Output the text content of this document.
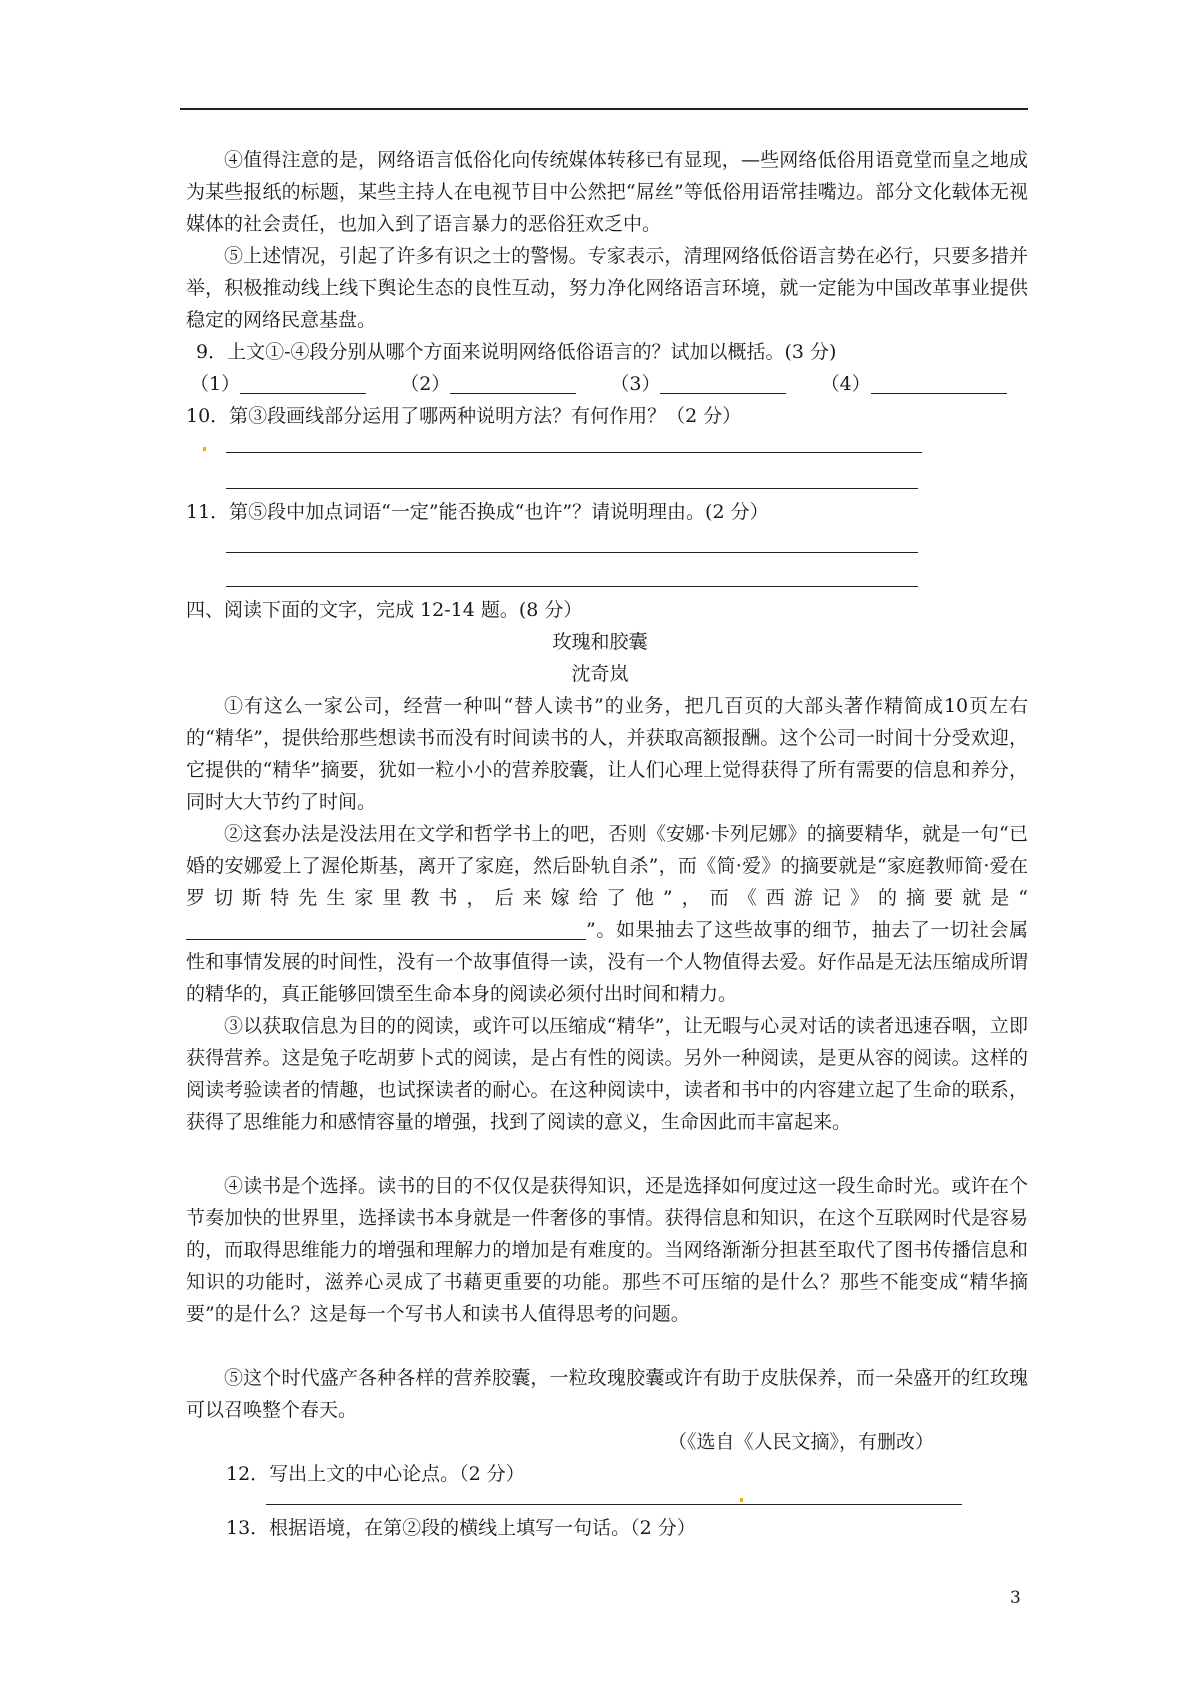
④值得注意的是，网络语言低俗化向传统媒体转移已有显现，—些网络低俗用语竟堂而皇之地成为某些报纸的标题，某些主持人在电视节目中公然把“屌丝”等低俗用语常挂嘴边。部分文化载体无视媒体的社会责任，也加入到了语言暴力的恶俗狂欢乏中。
⑤上述情况，引起了许多有识之士的警惕。专家表示，清理网络低俗语言势在必行，只要多措并举，积极推动线上线下舆论生态的良性互动，努力净化网络语言环境，就一定能为中国改革事业提供稳定的网络民意基盘。
9．上文①-④段分别从哪个方面来说明网络低俗语言的？试加以概括。(3 分)
（1）	（2）	（3）	（4）
10．第③段画线部分运用了哪两种说明方法？有何作用？（2 分）
11．第⑤段中加点词语“一定”能否换成“也许”？请说明理由。(2 分）
四、阅读下面的文字，完成 12-14 题。(8 分）
玫瑰和胶囊
沈奇岚
①有这么一家公司，经营一种叫“替人读书”的业务，把几百页的大部头著作精简成10页左右的“精华”，提供给那些想读书而没有时间读书的人，并获取高额报酬。这个公司一时间十分受欢迎，它提供的“精华”摘要，犹如一粒小小的营养胶囊，让人们心理上觉得获得了所有需要的信息和养分，同时大大节约了时间。
②这套办法是没法用在文学和哲学书上的吧，否则《安娜·卡列尼娜》的摘要精华，就是一句“已婚的安娜爱上了渥伦斯基，离开了家庭，然后卧轨自杀”，而《简·爱》的摘要就是“家庭教师简·爱在罗切斯特先生家里教书，后来嫁给了他”，而《西游记》的摘要就是“”。如果抽去了这些故事的细节，抽去了一切社会属性和事情发展的时间性，没有一个故事值得一读，没有一个人物值得去爱。好作品是无法压缩成所谓的精华的，真正能够回馈至生命本身的阅读必须付出时间和精力。
③以获取信息为目的的阅读，或许可以压缩成“精华”，让无暇与心灵对话的读者迅速吞咽，立即获得营养。这是兔子吃胡萝卜式的阅读，是占有性的阅读。另外一种阅读，是更从容的阅读。这样的阅读考验读者的情趣，也试探读者的耐心。在这种阅读中，读者和书中的内容建立起了生命的联系，获得了思维能力和感情容量的增强，找到了阅读的意义，生命因此而丰富起来。
④读书是个选择。读书的目的不仅仅是获得知识，还是选择如何度过这一段生命时光。或许在个节奏加快的世界里，选择读书本身就是一件奢侈的事情。获得信息和知识，在这个互联网时代是容易的，而取得思维能力的增强和理解力的增加是有难度的。当网络渐渐分担甚至取代了图书传播信息和知识的功能时，滋养心灵成了书藉更重要的功能。那些不可压缩的是什么？那些不能变成“精华摘要”的是什么？这是每一个写书人和读书人值得思考的问题。
⑤这个时代盛产各种各样的营养胶囊，一粒玫瑰胶囊或许有助于皮肤保养，而一朵盛开的红玫瑰可以召唤整个春天。
（《选自《人民文摘》，有删改）
12．写出上文的中心论点。（2 分）
13．根据语境，在第②段的横线上填写一句话。（2 分）
3
